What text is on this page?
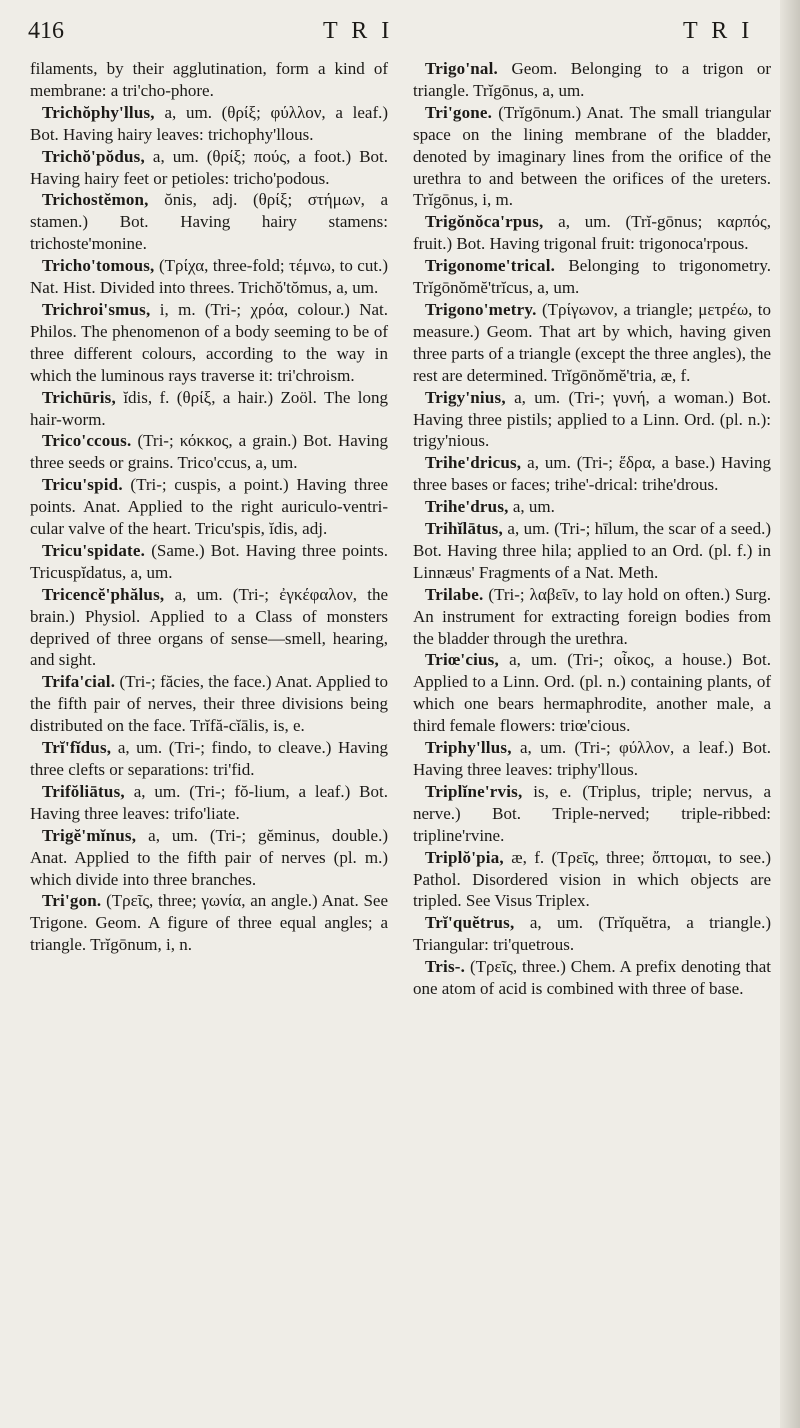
416	T R I	T R I

filaments, by their agglutination, form a kind of membrane: a tri'cho-phore.

Trichŏphy'llus, a, um. (θρίξ; φύλλον, a leaf.) Bot. Having hairy leaves: trichophy'llous.

Trichŏ'pŏdus, a, um. (θρίξ; πούς, a foot.) Bot. Having hairy feet or petioles: tricho'podous.

Trichostĕmon, ŏnis, adj. (θρίξ; στήμων, a stamen.) Bot. Having hairy stamens: trichoste'monine.

Tricho'tomous, (Τρίχα, three-fold; τέμνω, to cut.) Nat. Hist. Divided into threes. Trichŏ'tŏmus, a, um.

Trichroi'smus, i, m. (Tri-; χρόα, colour.) Nat. Philos. The phenomenon of a body seeming to be of three different colours, according to the way in which the luminous rays traverse it: tri'chroism.

Trichūris, ĭdis, f. (θρίξ, a hair.) Zoöl. The long hair-worm.

Trico'ccous. (Tri-; κόκκος, a grain.) Bot. Having three seeds or grains. Trico'ccus, a, um.

Tricu'spid. (Tri-; cuspis, a point.) Having three points. Anat. Applied to the right auriculo-ventri-cular valve of the heart. Tricu'spis, ĭdis, adj.

Tricu'spidate. (Same.) Bot. Having three points. Tricuspĭdatus, a, um.

Tricencĕ'phălus, a, um. (Tri-; ἐγκέφαλον, the brain.) Physiol. Applied to a Class of monsters deprived of three organs of sense—smell, hearing, and sight.

Trifa'cial. (Tri-; făcies, the face.) Anat. Applied to the fifth pair of nerves, their three divisions being distributed on the face. Trĭfă-cĭālis, is, e.

Trĭ'fĭdus, a, um. (Tri-; findo, to cleave.) Having three clefts or separations: tri'fid.

Trifŏliātus, a, um. (Tri-; fŏ-lium, a leaf.) Bot. Having three leaves: trifo'liate.

Trigĕ'mĭnus, a, um. (Tri-; gĕminus, double.) Anat. Applied to the fifth pair of nerves (pl. m.) which divide into three branches.

Tri'gon. (Τρεῖς, three; γωνία, an angle.) Anat. See Trigone. Geom. A figure of three equal angles; a triangle. Trĭgōnum, i, n.

Trigo'nal. Geom. Belonging to a trigon or triangle. Trĭgōnus, a, um.

Tri'gone. (Trĭgōnum.) Anat. The small triangular space on the lining membrane of the bladder, denoted by imaginary lines from the orifice of the urethra to and between the orifices of the ureters. Trĭgōnus, i, m.

Trigŏnŏca'rpus, a, um. (Trĭ-gōnus; καρπός, fruit.) Bot. Having trigonal fruit: trigonoca'rpous.

Trigonome'trical. Belonging to trigonometry. Trĭgōnŏmĕ'trĭcus, a, um.

Trigono'metry. (Τρίγωνον, a triangle; μετρέω, to measure.) Geom. That art by which, having given three parts of a triangle (except the three angles), the rest are determined. Trĭgōnŏmĕ'tria, æ, f.

Trigy'nius, a, um. (Tri-; γυνή, a woman.) Bot. Having three pistils; applied to a Linn. Ord. (pl. n.): trigy'nious.

Trihe'dricus, a, um. (Tri-; ἕδρα, a base.) Having three bases or faces; trihe'-drical: trihe'drous.

Trihe'drus, a, um.

Trihĭlātus, a, um. (Tri-; hīlum, the scar of a seed.) Bot. Having three hila; applied to an Ord. (pl. f.) in Linnæus' Fragments of a Nat. Meth.

Trilabe. (Tri-; λαβεῖν, to lay hold on often.) Surg. An instrument for extracting foreign bodies from the bladder through the urethra.

Triœ'cius, a, um. (Tri-; οἶκος, a house.) Bot. Applied to a Linn. Ord. (pl. n.) containing plants, of which one bears hermaphrodite, another male, a third female flowers: triœ'cious.

Triphy'llus, a, um. (Tri-; φύλλον, a leaf.) Bot. Having three leaves: triphy'llous.

Triplĭne'rvis, is, e. (Triplus, triple; nervus, a nerve.) Bot. Triple-nerved; triple-ribbed: tripline'rvine.

Triplŏ'pia, æ, f. (Τρεῖς, three; ὄπτομαι, to see.) Pathol. Disordered vision in which objects are tripled. See Visus Triplex.

Trĭ'quĕtrus, a, um. (Trĭquĕtra, a triangle.) Triangular: tri'quetrous.

Tris-. (Τρεῖς, three.) Chem. A prefix denoting that one atom of acid is combined with three of base.
